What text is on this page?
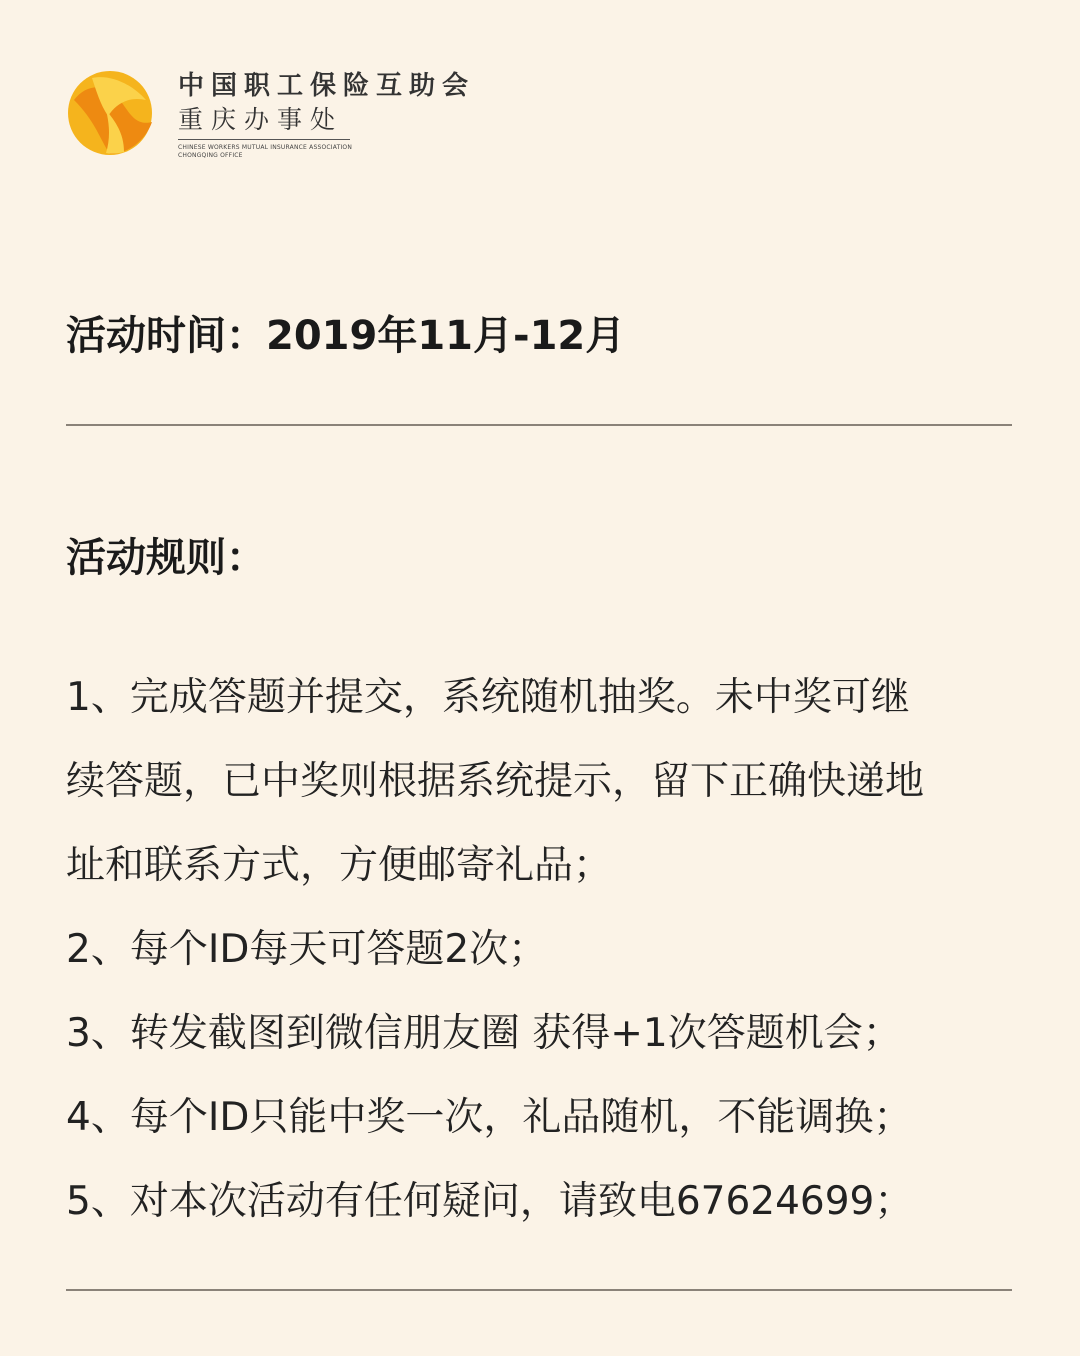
中国职工保险互助会
重庆办事处
CHINESE WORKERS MUTUAL INSURANCE ASSOCIATION
CHONGQING OFFICE
活动时间：2019年11月-12月
活动规则：
1、完成答题并提交，系统随机抽奖。未中奖可继
续答题，已中奖则根据系统提示，留下正确快递地
址和联系方式，方便邮寄礼品；
2、每个ID每天可答题2次；
3、转发截图到微信朋友圈 获得+1次答题机会；
4、每个ID只能中奖一次，礼品随机，不能调换；
5、对本次活动有任何疑问，请致电67624699；
